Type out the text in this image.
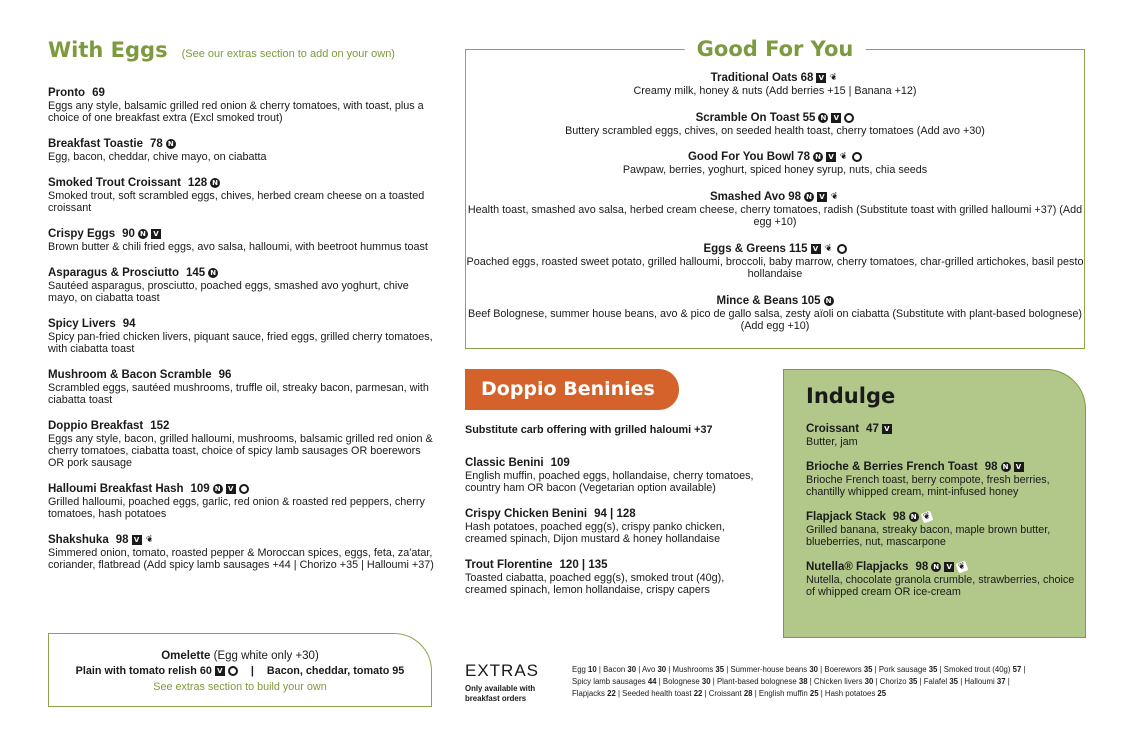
With Eggs (See our extras section to add on your own)
Pronto 69
Eggs any style, balsamic grilled red onion & cherry tomatoes, with toast, plus a choice of one breakfast extra (Excl smoked trout)
Breakfast Toastie 78 N
Egg, bacon, cheddar, chive mayo, on ciabatta
Smoked Trout Croissant 128 N
Smoked trout, soft scrambled eggs, chives, herbed cream cheese on a toasted croissant
Crispy Eggs 90 N	V
Brown butter & chili fried eggs, avo salsa, halloumi, with beetroot hummus toast
Asparagus & Prosciutto 145 N
Sautéed asparagus, prosciutto, poached eggs, smashed avo yoghurt, chive mayo, on ciabatta toast
Spicy Livers 94
Spicy pan-fried chicken livers, piquant sauce, fried eggs, grilled cherry tomatoes, with ciabatta toast
Mushroom & Bacon Scramble 96
Scrambled eggs, sautéed mushrooms, truffle oil, streaky bacon, parmesan, with ciabatta toast
Doppio Breakfast 152
Eggs any style, bacon, grilled halloumi, mushrooms, balsamic grilled red onion & cherry tomatoes, ciabatta toast, choice of spicy lamb sausages OR boerewors OR pork sausage
Halloumi Breakfast Hash 109 N	V
Grilled halloumi, poached eggs, garlic, red onion & roasted red peppers, cherry tomatoes, hash potatoes
Shakshuka 98 V ❦
Simmered onion, tomato, roasted pepper & Moroccan spices, eggs, feta, za'atar, coriander, flatbread (Add spicy lamb sausages +44 | Chorizo +35 | Halloumi +37)
Omelette (Egg white only +30)
Plain with tomato relish 60 V	| Bacon, cheddar, tomato 95
See extras section to build your own
Good For You
Traditional Oats 68 V ❦
Creamy milk, honey & nuts (Add berries +15 | Banana +12)
Scramble On Toast 55 N	V
Buttery scrambled eggs, chives, on seeded health toast, cherry tomatoes (Add avo +30)
Good For You Bowl 78 N	V ❦
Pawpaw, berries, yoghurt, spiced honey syrup, nuts, chia seeds
Smashed Avo 98 N	V ❦
Health toast, smashed avo salsa, herbed cream cheese, cherry tomatoes, radish (Substitute toast with grilled halloumi +37) (Add egg +10)
Eggs & Greens 115 V ❦
Poached eggs, roasted sweet potato, grilled halloumi, broccoli, baby marrow, cherry tomatoes, char-grilled artichokes, basil pesto hollandaise
Mince & Beans 105 N
Beef Bolognese, summer house beans, avo & pico de gallo salsa, zesty aïoli on ciabatta (Substitute with plant-based bolognese) (Add egg +10)
Doppio Beninies
Substitute carb offering with grilled haloumi +37
Classic Benini 109
English muffin, poached eggs, hollandaise, cherry tomatoes, country ham OR bacon (Vegetarian option available)
Crispy Chicken Benini 94 | 128
Hash potatoes, poached egg(s), crispy panko chicken, creamed spinach, Dijon mustard & honey hollandaise
Trout Florentine 120 | 135
Toasted ciabatta, poached egg(s), smoked trout (40g), creamed spinach, lemon hollandaise, crispy capers
Indulge
Croissant 47 V
Butter, jam
Brioche & Berries French Toast 98 N	V
Brioche French toast, berry compote, fresh berries, chantilly whipped cream, mint-infused honey
Flapjack Stack 98 N ❦
Grilled banana, streaky bacon, maple brown butter, blueberries, nut, mascarpone
Nutella® Flapjacks 98 N	V ❦
Nutella, chocolate granola crumble, strawberries, choice of whipped cream OR ice-cream
EXTRAS
Only available with breakfast orders
Egg 10 | Bacon 30 | Avo 30 | Mushrooms 35 | Summer-house beans 30 | Boerewors 35 | Pork sausage 35 | Smoked trout (40g) 57 | Spicy lamb sausages 44 | Bolognese 30 | Plant-based bolognese 38 | Chicken livers 30 | Chorizo 35 | Falafel 35 | Halloumi 37 | Flapjacks 22 | Seeded health toast 22 | Croissant 28 | English muffin 25 | Hash potatoes 25
